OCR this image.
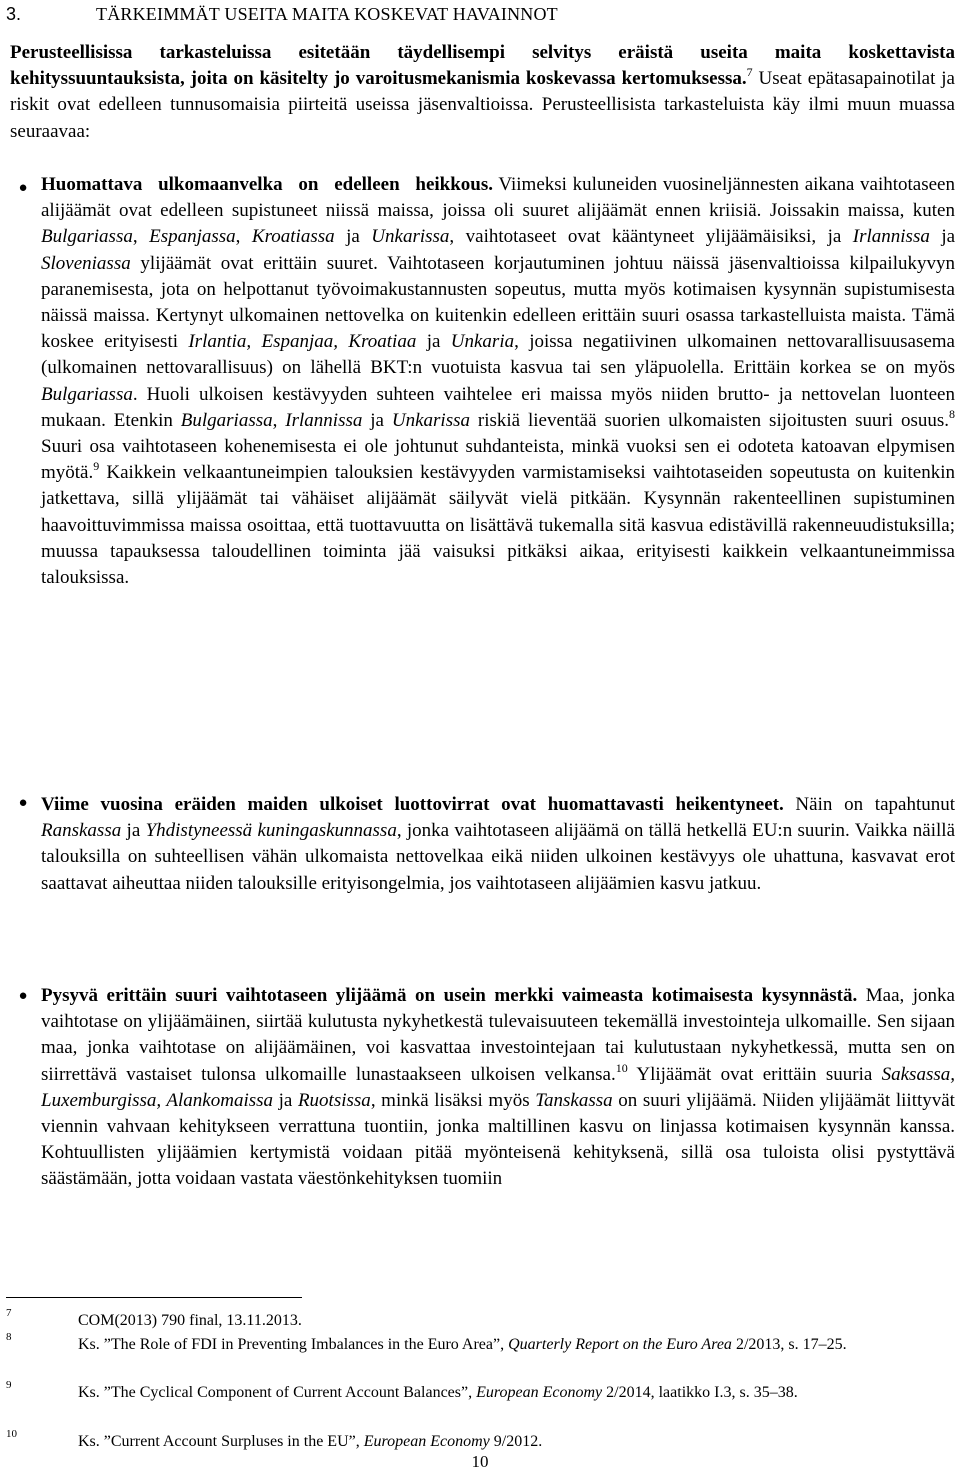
3.	TÄRKEIMMÄT USEITA MAITA KOSKEVAT HAVAINNOT

Perusteellisissa tarkasteluissa esitetään täydellisempi selvitys eräistä useita maita koskettavista kehityssuuntauksista, joita on käsitelty jo varoitusmekanismia koskevassa kertomuksessa.$^7$ Useat epätasapainotilat ja riskit ovat edelleen tunnusomaisia piirteitä useissa jäsenvaltioissa. Perusteellisista tarkasteluista käy ilmi muun muassa seuraavaa:

● Huomattava ulkomaanvelka on edelleen heikkous. Viimeksi kuluneiden vuosineljännesten aikana vaihtotaseen alijäämät ovat edelleen supistuneet niissä maissa, joissa oli suuret alijäämät ennen kriisiä. Joissakin maissa, kuten Bulgariassa, Espanjassa, Kroatiassa ja Unkarissa, vaihtotaseet ovat kääntyneet ylijäämäisiksi, ja Irlannissa ja Sloveniassa ylijäämät ovat erittäin suuret. Vaihtotaseen korjautuminen johtuu näissä jäsenvaltioissa kilpailukyvyn paranemisesta, jota on helpottanut työvoimakustannusten sopeutus, mutta myös kotimaisen kysynnän supistumisesta näissä maissa. Kertynyt ulkomainen nettovelka on kuitenkin edelleen erittäin suuri osassa tarkastelluista maista. Tämä koskee erityisesti Irlantia, Espanjaa, Kroatiaa ja Unkaria, joissa negatiivinen ulkomainen nettovarallisuusasema (ulkomainen nettovarallisuus) on lähellä BKT:n vuotuista kasvua tai sen yläpuolella. Erittäin korkea se on myös Bulgariassa. Huoli ulkoisen kestävyyden suhteen vaihtelee eri maissa myös niiden brutto- ja nettovelan luonteen mukaan. Etenkin Bulgariassa, Irlannissa ja Unkarissa riskiä lieventää suorien ulkomaisten sijoitusten suuri osuus.$^8$ Suuri osa vaihtotaseen kohenemisesta ei ole johtunut suhdanteista, minkä vuoksi sen ei odoteta katoavan elpymisen myötä.$^9$ Kaikkein velkaantuneimpien talouksien kestävyyden varmistamiseksi vaihtotaseiden sopeutusta on kuitenkin jatkettava, sillä ylijäämät tai vähäiset alijäämät säilyvät vielä pitkään. Kysynnän rakenteellinen supistuminen haavoittuvimmissa maissa osoittaa, että tuottavuutta on lisättävä tukemalla sitä kasvua edistävillä rakenneuudistuksilla; muussa tapauksessa taloudellinen toiminta jää vaisuksi pitkäksi aikaa, erityisesti kaikkein velkaantuneimmissa talouksissa.

● Viime vuosina eräiden maiden ulkoiset luottovirrat ovat huomattavasti heikentyneet. Näin on tapahtunut Ranskassa ja Yhdistyneessä kuningaskunnassa, jonka vaihtotaseen alijäämä on tällä hetkellä EU:n suurin. Vaikka näillä talouksilla on suhteellisen vähän ulkomaista nettovelkaa eikä niiden ulkoinen kestävyys ole uhattuna, kasvavat erot saattavat aiheuttaa niiden talouksille erityisongelmia, jos vaihtotaseen alijäämien kasvu jatkuu.

● Pysyvä erittäin suuri vaihtotaseen ylijäämä on usein merkki vaimeasta kotimaisesta kysynnästä. Maa, jonka vaihtotase on ylijäämäinen, siirtää kulutusta nykyhetkestä tulevaisuuteen tekemällä investointeja ulkomaille. Sen sijaan maa, jonka vaihtotase on alijäämäinen, voi kasvattaa investointejaan tai kulutustaan nykyhetkessä, mutta sen on siirrettävä vastaiset tulonsa ulkomaille lunastaakseen ulkoisen velkansa.$^{10}$ Ylijäämät ovat erittäin suuria Saksassa, Luxemburgissa, Alankomaissa ja Ruotsissa, minkä lisäksi myös Tanskassa on suuri ylijäämä. Niiden ylijäämät liittyvät viennin vahvaan kehitykseen verrattuna tuontiin, jonka maltillinen kasvu on linjassa kotimaisen kysynnän kanssa. Kohtuullisten ylijäämien kertymistä voidaan pitää myönteisenä kehityksenä, sillä osa tuloista olisi pystyttävä säästämään, jotta voidaan vastata väestönkehityksen tuomiin

7	COM(2013) 790 final, 13.11.2013.
8	Ks. ”The Role of FDI in Preventing Imbalances in the Euro Area”, Quarterly Report on the Euro Area 2/2013, s. 17–25.
9	Ks. ”The Cyclical Component of Current Account Balances”, European Economy 2/2014, laatikko I.3, s. 35–38.
10	Ks. ”Current Account Surpluses in the EU”, European Economy 9/2012.
10
